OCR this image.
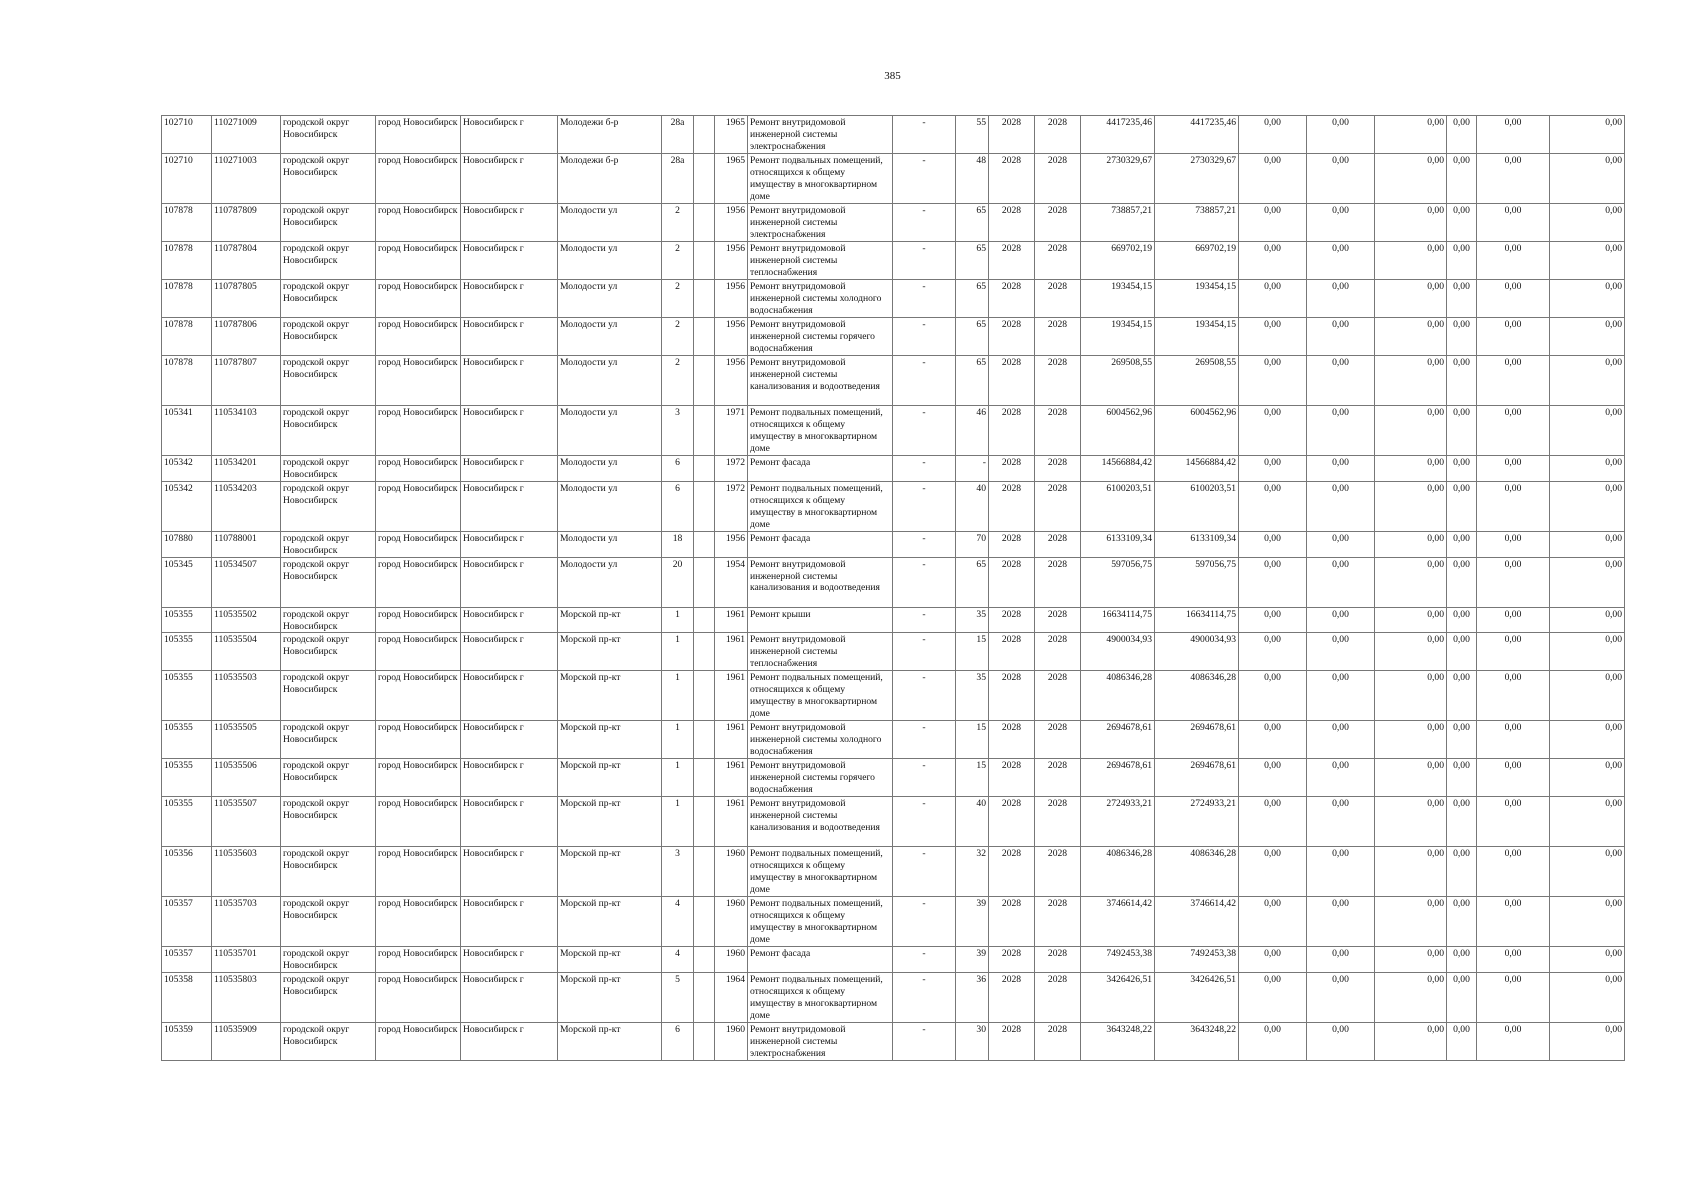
385
102710	110271009	городской округ Новосибирск	город Новосибирск	Новосибирск г	Молодежи б-р	28а		1965	Ремонт внутридомовой инженерной системы электроснабжения	-	55	2028	2028	4417235,46	4417235,46	0,00	0,00	0,00	0,00	0,00	0,00
102710	110271003	городской округ Новосибирск	город Новосибирск	Новосибирск г	Молодежи б-р	28а		1965	Ремонт подвальных помещений, относящихся к общему имуществу в многоквартирном доме	-	48	2028	2028	2730329,67	2730329,67	0,00	0,00	0,00	0,00	0,00	0,00
107878	110787809	городской округ Новосибирск	город Новосибирск	Новосибирск г	Молодости ул	2		1956	Ремонт внутридомовой инженерной системы электроснабжения	-	65	2028	2028	738857,21	738857,21	0,00	0,00	0,00	0,00	0,00	0,00
107878	110787804	городской округ Новосибирск	город Новосибирск	Новосибирск г	Молодости ул	2		1956	Ремонт внутридомовой инженерной системы теплоснабжения	-	65	2028	2028	669702,19	669702,19	0,00	0,00	0,00	0,00	0,00	0,00
107878	110787805	городской округ Новосибирск	город Новосибирск	Новосибирск г	Молодости ул	2		1956	Ремонт внутридомовой инженерной системы холодного водоснабжения	-	65	2028	2028	193454,15	193454,15	0,00	0,00	0,00	0,00	0,00	0,00
107878	110787806	городской округ Новосибирск	город Новосибирск	Новосибирск г	Молодости ул	2		1956	Ремонт внутридомовой инженерной системы горячего водоснабжения	-	65	2028	2028	193454,15	193454,15	0,00	0,00	0,00	0,00	0,00	0,00
107878	110787807	городской округ Новосибирск	город Новосибирск	Новосибирск г	Молодости ул	2		1956	Ремонт внутридомовой инженерной системы канализования и водоотведения	-	65	2028	2028	269508,55	269508,55	0,00	0,00	0,00	0,00	0,00	0,00
105341	110534103	городской округ Новосибирск	город Новосибирск	Новосибирск г	Молодости ул	3		1971	Ремонт подвальных помещений, относящихся к общему имуществу в многоквартирном доме	-	46	2028	2028	6004562,96	6004562,96	0,00	0,00	0,00	0,00	0,00	0,00
105342	110534201	городской округ Новосибирск	город Новосибирск	Новосибирск г	Молодости ул	6		1972	Ремонт фасада	-	-	2028	2028	14566884,42	14566884,42	0,00	0,00	0,00	0,00	0,00	0,00
105342	110534203	городской округ Новосибирск	город Новосибирск	Новосибирск г	Молодости ул	6		1972	Ремонт подвальных помещений, относящихся к общему имуществу в многоквартирном доме	-	40	2028	2028	6100203,51	6100203,51	0,00	0,00	0,00	0,00	0,00	0,00
107880	110788001	городской округ Новосибирск	город Новосибирск	Новосибирск г	Молодости ул	18		1956	Ремонт фасада	-	70	2028	2028	6133109,34	6133109,34	0,00	0,00	0,00	0,00	0,00	0,00
105345	110534507	городской округ Новосибирск	город Новосибирск	Новосибирск г	Молодости ул	20		1954	Ремонт внутридомовой инженерной системы канализования и водоотведения	-	65	2028	2028	597056,75	597056,75	0,00	0,00	0,00	0,00	0,00	0,00
105355	110535502	городской округ Новосибирск	город Новосибирск	Новосибирск г	Морской пр-кт	1		1961	Ремонт крыши	-	35	2028	2028	16634114,75	16634114,75	0,00	0,00	0,00	0,00	0,00	0,00
105355	110535504	городской округ Новосибирск	город Новосибирск	Новосибирск г	Морской пр-кт	1		1961	Ремонт внутридомовой инженерной системы теплоснабжения	-	15	2028	2028	4900034,93	4900034,93	0,00	0,00	0,00	0,00	0,00	0,00
105355	110535503	городской округ Новосибирск	город Новосибирск	Новосибирск г	Морской пр-кт	1		1961	Ремонт подвальных помещений, относящихся к общему имуществу в многоквартирном доме	-	35	2028	2028	4086346,28	4086346,28	0,00	0,00	0,00	0,00	0,00	0,00
105355	110535505	городской округ Новосибирск	город Новосибирск	Новосибирск г	Морской пр-кт	1		1961	Ремонт внутридомовой инженерной системы холодного водоснабжения	-	15	2028	2028	2694678,61	2694678,61	0,00	0,00	0,00	0,00	0,00	0,00
105355	110535506	городской округ Новосибирск	город Новосибирск	Новосибирск г	Морской пр-кт	1		1961	Ремонт внутридомовой инженерной системы горячего водоснабжения	-	15	2028	2028	2694678,61	2694678,61	0,00	0,00	0,00	0,00	0,00	0,00
105355	110535507	городской округ Новосибирск	город Новосибирск	Новосибирск г	Морской пр-кт	1		1961	Ремонт внутридомовой инженерной системы канализования и водоотведения	-	40	2028	2028	2724933,21	2724933,21	0,00	0,00	0,00	0,00	0,00	0,00
105356	110535603	городской округ Новосибирск	город Новосибирск	Новосибирск г	Морской пр-кт	3		1960	Ремонт подвальных помещений, относящихся к общему имуществу в многоквартирном доме	-	32	2028	2028	4086346,28	4086346,28	0,00	0,00	0,00	0,00	0,00	0,00
105357	110535703	городской округ Новосибирск	город Новосибирск	Новосибирск г	Морской пр-кт	4		1960	Ремонт подвальных помещений, относящихся к общему имуществу в многоквартирном доме	-	39	2028	2028	3746614,42	3746614,42	0,00	0,00	0,00	0,00	0,00	0,00
105357	110535701	городской округ Новосибирск	город Новосибирск	Новосибирск г	Морской пр-кт	4		1960	Ремонт фасада	-	39	2028	2028	7492453,38	7492453,38	0,00	0,00	0,00	0,00	0,00	0,00
105358	110535803	городской округ Новосибирск	город Новосибирск	Новосибирск г	Морской пр-кт	5		1964	Ремонт подвальных помещений, относящихся к общему имуществу в многоквартирном доме	-	36	2028	2028	3426426,51	3426426,51	0,00	0,00	0,00	0,00	0,00	0,00
105359	110535909	городской округ Новосибирск	город Новосибирск	Новосибирск г	Морской пр-кт	6		1960	Ремонт внутридомовой инженерной системы электроснабжения	-	30	2028	2028	3643248,22	3643248,22	0,00	0,00	0,00	0,00	0,00	0,00
